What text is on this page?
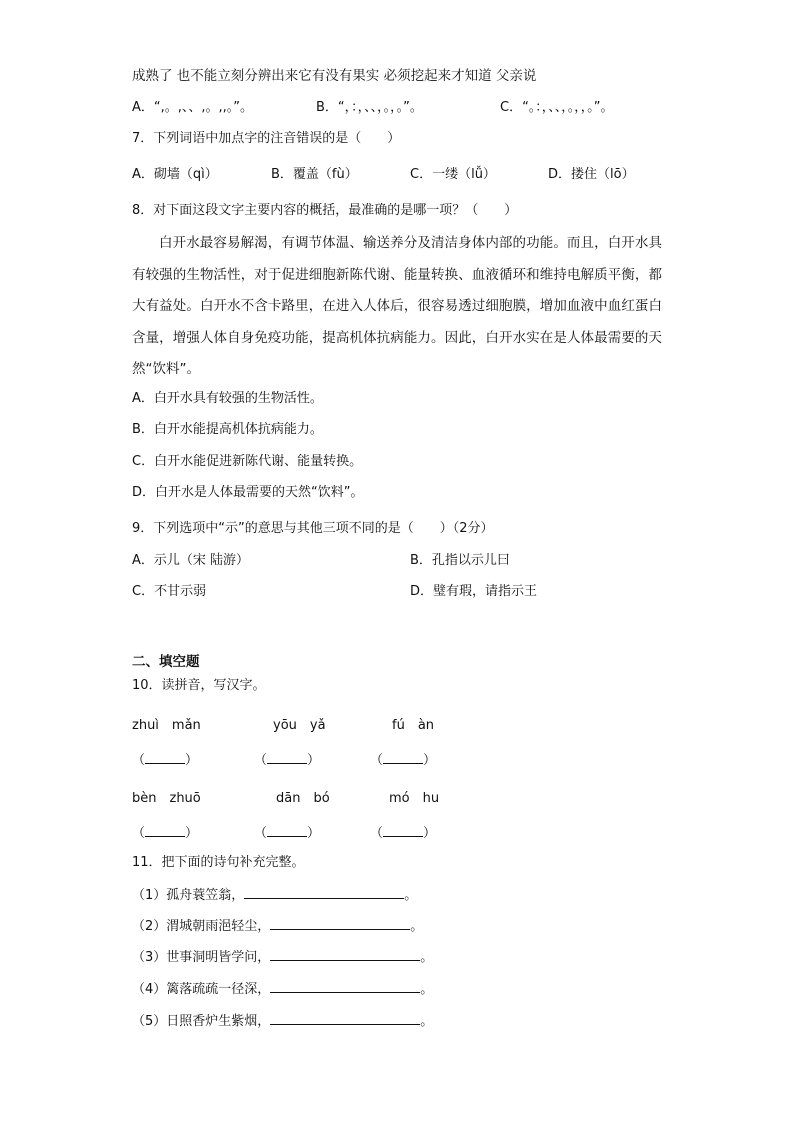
成熟了 也不能立刻分辨出来它有没有果实 必须挖起来才知道 父亲说
A．“,。,、、,。,,。”。	B．“，：，、、，。，。”。	C．“。：，、、，。，，。”。
7．下列词语中加点字的注音错误的是（　　）
A．砌墙（qì）	B．覆盖（fù）	C．一缕（lǚ）	D．搂住（lō）
8．对下面这段文字主要内容的概括，最准确的是哪一项？（　　）
白开水最容易解渴，有调节体温、输送养分及清洁身体内部的功能。而且，白开水具有较强的生物活性，对于促进细胞新陈代谢、能量转换、血液循环和维持电解质平衡，都大有益处。白开水不含卡路里，在进入人体后，很容易透过细胞膜，增加血液中血红蛋白含量，增强人体自身免疫功能，提高机体抗病能力。因此，白开水实在是人体最需要的天然“饮料”。
A．白开水具有较强的生物活性。
B．白开水能提高机体抗病能力。
C．白开水能促进新陈代谢、能量转换。
D．白开水是人体最需要的天然“饮料”。
9．下列选项中“示”的意思与其他三项不同的是（　　）（2分）
A．示儿（宋 陆游）	B．孔指以示儿曰
C．不甘示弱	D．璧有瑕，请指示王
二、填空题
10．读拼音，写汉字。
zhuì　mǎn	yōu　yǎ	fú　àn
（	）	（	）	（	）
bèn　zhuō	dān　bó	mó　hu
（	）	（	）	（	）
11．把下面的诗句补充完整。
（1）孤舟蓑笠翁，	。
（2）渭城朝雨浥轻尘，	。
（3）世事洞明皆学问，	。
（4）篱落疏疏一径深，	。
（5）日照香炉生紫烟，	。
